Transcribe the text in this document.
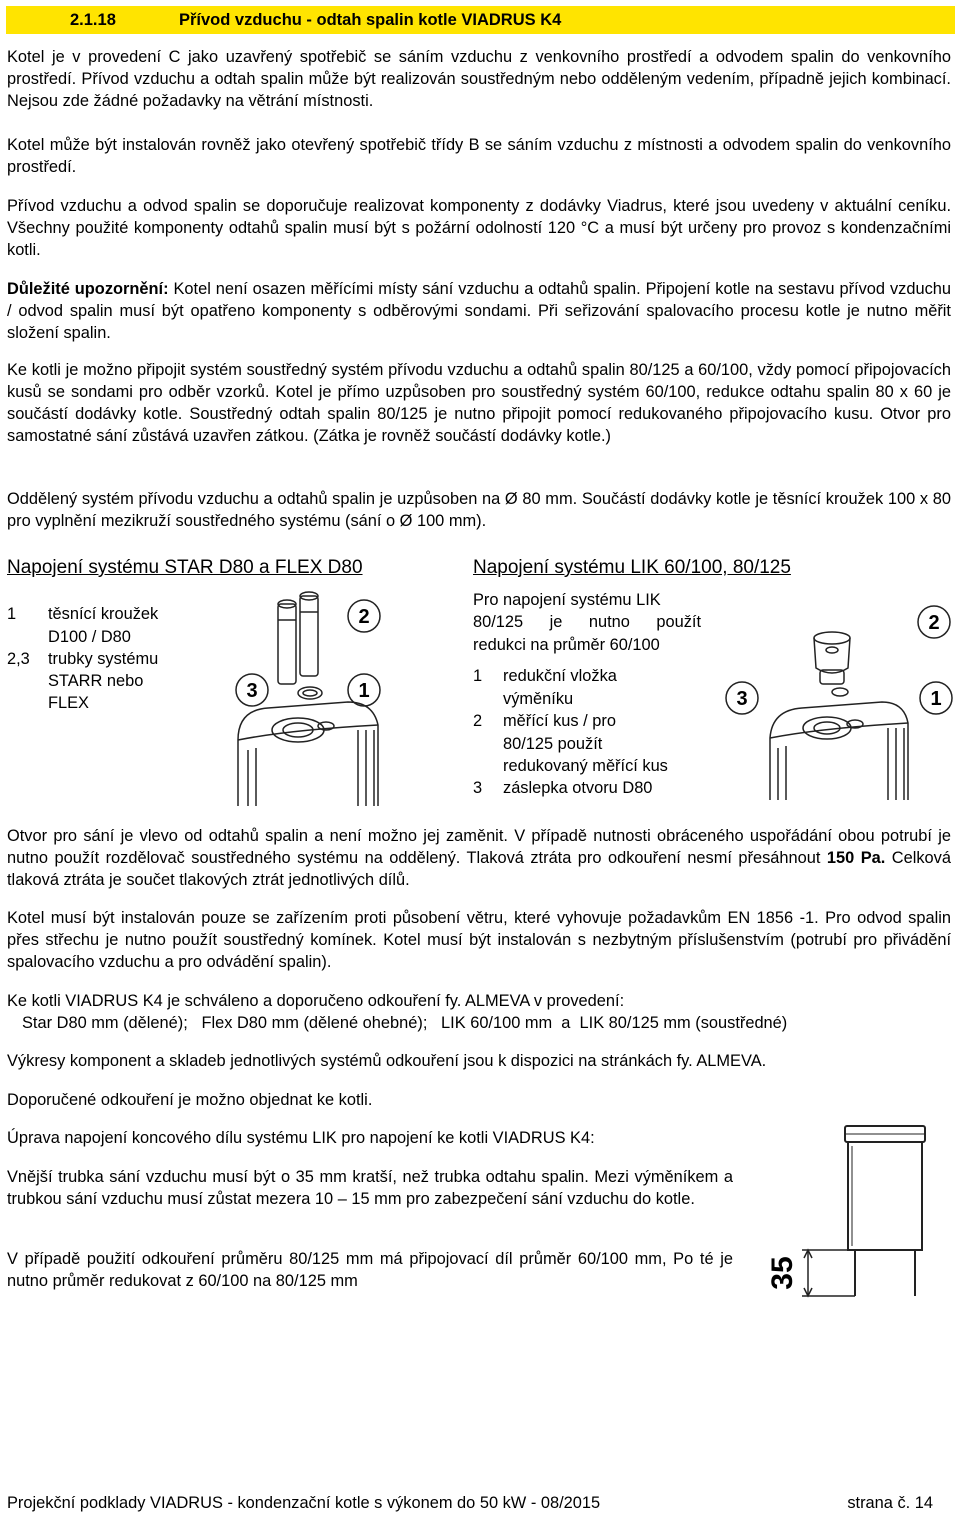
2.1.18	Přívod vzduchu - odtah spalin kotle VIADRUS K4

Kotel je v provedení C jako uzavřený spotřebič se sáním vzduchu z venkovního prostředí a odvodem spalin do venkovního prostředí. Přívod vzduchu a odtah spalin může být realizován soustředným nebo odděleným vedením, případně jejich kombinací. Nejsou zde žádné požadavky na větrání místnosti.

Kotel může být instalován rovněž jako otevřený spotřebič třídy B se sáním vzduchu z místnosti a odvodem spalin do venkovního prostředí.

Přívod vzduchu a odvod spalin se doporučuje realizovat komponenty z dodávky Viadrus, které jsou uvedeny v aktuální ceníku. Všechny použité komponenty odtahů spalin musí být s požární odolností 120 °C a musí být určeny pro provoz s kondenzačními kotli.

Důležité upozornění: Kotel není osazen měřícími místy sání vzduchu a odtahů spalin. Připojení kotle na sestavu přívod vzduchu / odvod spalin musí být opatřeno komponenty s odběrovými sondami. Při seřizování spalovacího procesu kotle je nutno měřit složení spalin.

Ke kotli je možno připojit systém soustředný systém přívodu vzduchu a odtahů spalin 80/125 a 60/100, vždy pomocí připojovacích kusů se sondami pro odběr vzorků. Kotel je přímo uzpůsoben pro soustředný systém 60/100, redukce odtahu spalin 80 x 60 je součástí dodávky kotle. Soustředný odtah spalin 80/125 je nutno připojit pomocí redukovaného připojovacího kusu. Otvor pro samostatné sání zůstává uzavřen zátkou. (Zátka je rovněž součástí dodávky kotle.)

Oddělený systém přívodu vzduchu a odtahů spalin je uzpůsoben na Ø 80 mm. Součástí dodávky kotle je těsnící kroužek 100 x 80 pro vyplnění mezikruží soustředného systému (sání o Ø 100 mm).

Napojení systému STAR D80 a FLEX D80
1 těsnící kroužek
D100 / D80
2,3 trubky systému
STARR nebo
FLEX
2
3	1
Napojení systému LIK 60/100, 80/125
Pro napojení systému LIK
80/125 je nutno použít
redukci na průměr 60/100
1 redukční vložka
výměníku
2 měřící kus / pro
80/125 použít
redukovaný měřící kus
3 záslepka otvoru D80
2
3	1

Otvor pro sání je vlevo od odtahů spalin a není možno jej zaměnit. V případě nutnosti obráceného uspořádání obou potrubí je nutno použít rozdělovač soustředného systému na oddělený. Tlaková ztráta pro odkouření nesmí přesáhnout 150 Pa. Celková tlaková ztráta je součet tlakových ztrát jednotlivých dílů.

Kotel musí být instalován pouze se zařízením proti působení větru, které vyhovuje požadavkům EN 1856 -1. Pro odvod spalin přes střechu je nutno použít soustředný komínek. Kotel musí být instalován s nezbytným příslušenstvím (potrubí pro přivádění spalovacího vzduchu a pro odvádění spalin).

Ke kotli VIADRUS K4 je schváleno a doporučeno odkouření fy. ALMEVA v provedení:

Star D80 mm (dělené);   Flex D80 mm (dělené ohebné);   LIK 60/100 mm  a  LIK 80/125 mm (soustředné)

Výkresy komponent a skladeb jednotlivých systémů odkouření jsou k dispozici na stránkách fy. ALMEVA.

Doporučené odkouření je možno objednat ke kotli.

Úprava napojení koncového dílu systému LIK pro napojení ke kotli VIADRUS K4:

Vnější trubka sání vzduchu musí být o 35 mm kratší, než trubka odtahu spalin. Mezi výměníkem a trubkou sání vzduchu musí zůstat mezera 10 – 15 mm pro zabezpečení sání vzduchu do kotle.

V případě použití odkouření průměru 80/125 mm má připojovací díl průměr 60/100 mm, Po té je nutno průměr redukovat z 60/100 na 80/125 mm	35
Projekční podklady VIADRUS - kondenzační kotle s výkonem do 50 kW - 08/2015	strana č. 14
